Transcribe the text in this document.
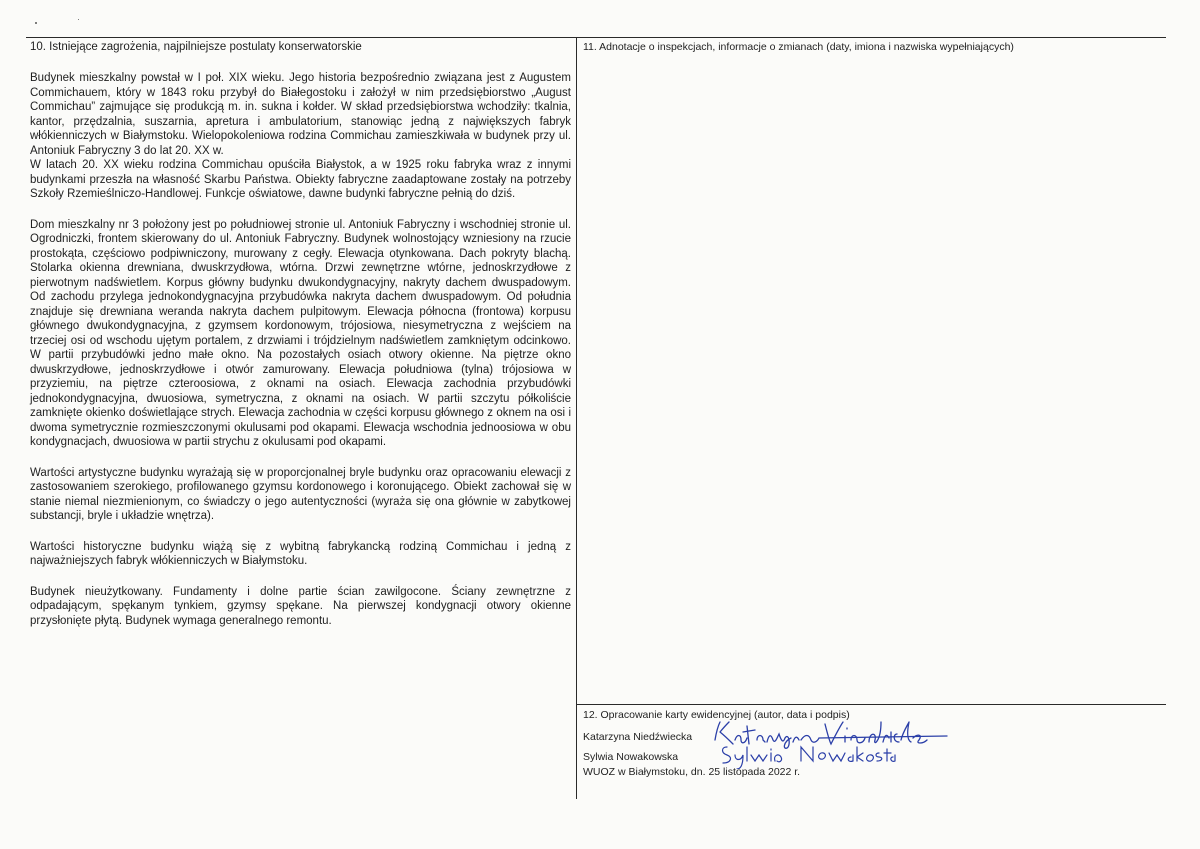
10. Istniejące zagrożenia, najpilniejsze postulaty konserwatorskie
Budynek mieszkalny powstał w I poł. XIX wieku. Jego historia bezpośrednio związana jest z Augustem Commichauem, który w 1843 roku przybył do Białegostoku i założył w nim przedsiębiorstwo „August Commichau” zajmujące się produkcją m. in. sukna i kołder. W skład przedsiębiorstwa wchodziły: tkalnia, kantor, przędzalnia, suszarnia, apretura i ambulatorium, stanowiąc jedną z największych fabryk włókienniczych w Białymstoku. Wielopokoleniowa rodzina Commichau zamieszkiwała w budynek przy ul. Antoniuk Fabryczny 3 do lat 20. XX w.
W latach 20. XX wieku rodzina Commichau opuściła Białystok, a w 1925 roku fabryka wraz z innymi budynkami przeszła na własność Skarbu Państwa. Obiekty fabryczne zaadaptowane zostały na potrzeby Szkoły Rzemieślniczo-Handlowej. Funkcje oświatowe, dawne budynki fabryczne pełnią do dziś.
Dom mieszkalny nr 3 położony jest po południowej stronie ul. Antoniuk Fabryczny i wschodniej stronie ul. Ogrodniczki, frontem skierowany do ul. Antoniuk Fabryczny. Budynek wolnostojący wzniesiony na rzucie prostokąta, częściowo podpiwniczony, murowany z cegły. Elewacja otynkowana. Dach pokryty blachą. Stolarka okienna drewniana, dwuskrzydłowa, wtórna. Drzwi zewnętrzne wtórne, jednoskrzydłowe z pierwotnym nadświetlem. Korpus główny budynku dwukondygnacyjny, nakryty dachem dwuspadowym. Od zachodu przylega jednokondygnacyjna przybudówka nakryta dachem dwuspadowym. Od południa znajduje się drewniana weranda nakryta dachem pulpitowym. Elewacja północna (frontowa) korpusu głównego dwukondygnacyjna, z gzymsem kordonowym, trójosiowa, niesymetryczna z wejściem na trzeciej osi od wschodu ujętym portalem, z drzwiami i trójdzielnym nadświetlem zamkniętym odcinkowo. W partii przybudówki jedno małe okno. Na pozostałych osiach otwory okienne. Na piętrze okno dwuskrzydłowe, jednoskrzydłowe i otwór zamurowany. Elewacja południowa (tylna) trójosiowa w przyziemiu, na piętrze czteroosiowa, z oknami na osiach. Elewacja zachodnia przybudówki jednokondygnacyjna, dwuosiowa, symetryczna, z oknami na osiach. W partii szczytu półkoliście zamknięte okienko doświetlające strych. Elewacja zachodnia w części korpusu głównego z oknem na osi i dwoma symetrycznie rozmieszczonymi okulusami pod okapami. Elewacja wschodnia jednoosiowa w obu kondygnacjach, dwuosiowa w partii strychu z okulusami pod okapami.
Wartości artystyczne budynku wyrażają się w proporcjonalnej bryle budynku oraz opracowaniu elewacji z zastosowaniem szerokiego, profilowanego gzymsu kordonowego i koronującego. Obiekt zachował się w stanie niemal niezmienionym, co świadczy o jego autentyczności (wyraża się ona głównie w zabytkowej substancji, bryle i układzie wnętrza).
Wartości historyczne budynku wiążą się z wybitną fabrykancką rodziną Commichau i jedną z najważniejszych fabryk włókienniczych w Białymstoku.
Budynek nieużytkowany. Fundamenty i dolne partie ścian zawilgocone. Ściany zewnętrzne z odpadającym, spękanym tynkiem, gzymsy spękane. Na pierwszej kondygnacji otwory okienne przysłonięte płytą. Budynek wymaga generalnego remontu.
11. Adnotacje o inspekcjach, informacje o zmianach (daty, imiona i nazwiska wypełniających)
12. Opracowanie karty ewidencyjnej (autor, data i podpis)
Katarzyna Niedźwiecka
Sylwia Nowakowska
WUOZ w Białymstoku, dn. 25 listopada 2022 r.
